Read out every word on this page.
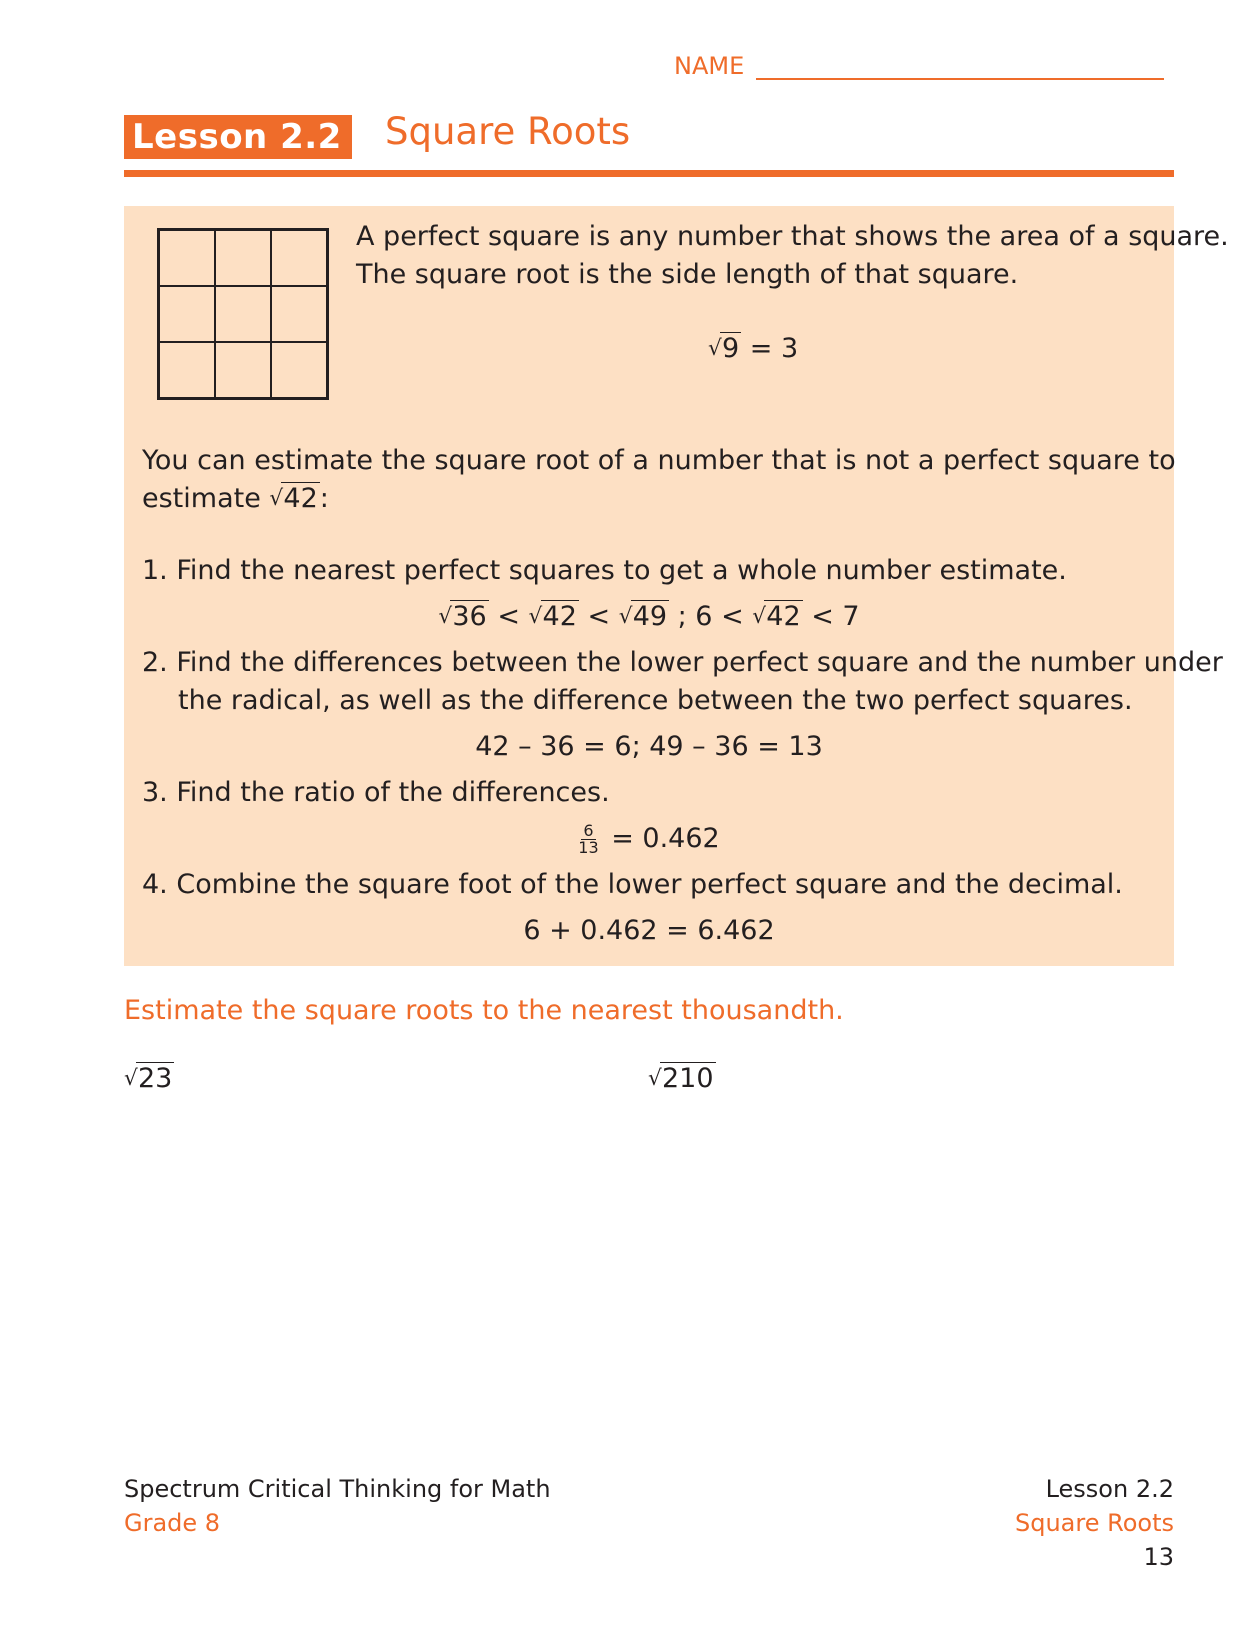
NAME
Lesson 2.2 Square Roots
A perfect square is any number that shows the area of a square.
The square root is the side length of that square.
√ 9 = 3
You can estimate the square root of a number that is not a perfect square to
estimate √ 42:
1. Find the nearest perfect squares to get a whole number estimate.
√ 36 < √ 42 < √ 49 ; 6 < √ 42 < 7
2. Find the differences between the lower perfect square and the number under
the radical, as well as the difference between the two perfect squares.
42 – 36 = 6; 49 – 36 = 13
3. Find the ratio of the differences.
$\frac{6}{13} = 0.462$
4. Combine the square foot of the lower perfect square and the decimal.
6 + 0.462 = 6.462
Estimate the square roots to the nearest thousandth.
√ 23
√	210
Spectrum Critical Thinking for Math
Grade 8
Lesson 2.2
Square Roots
13
